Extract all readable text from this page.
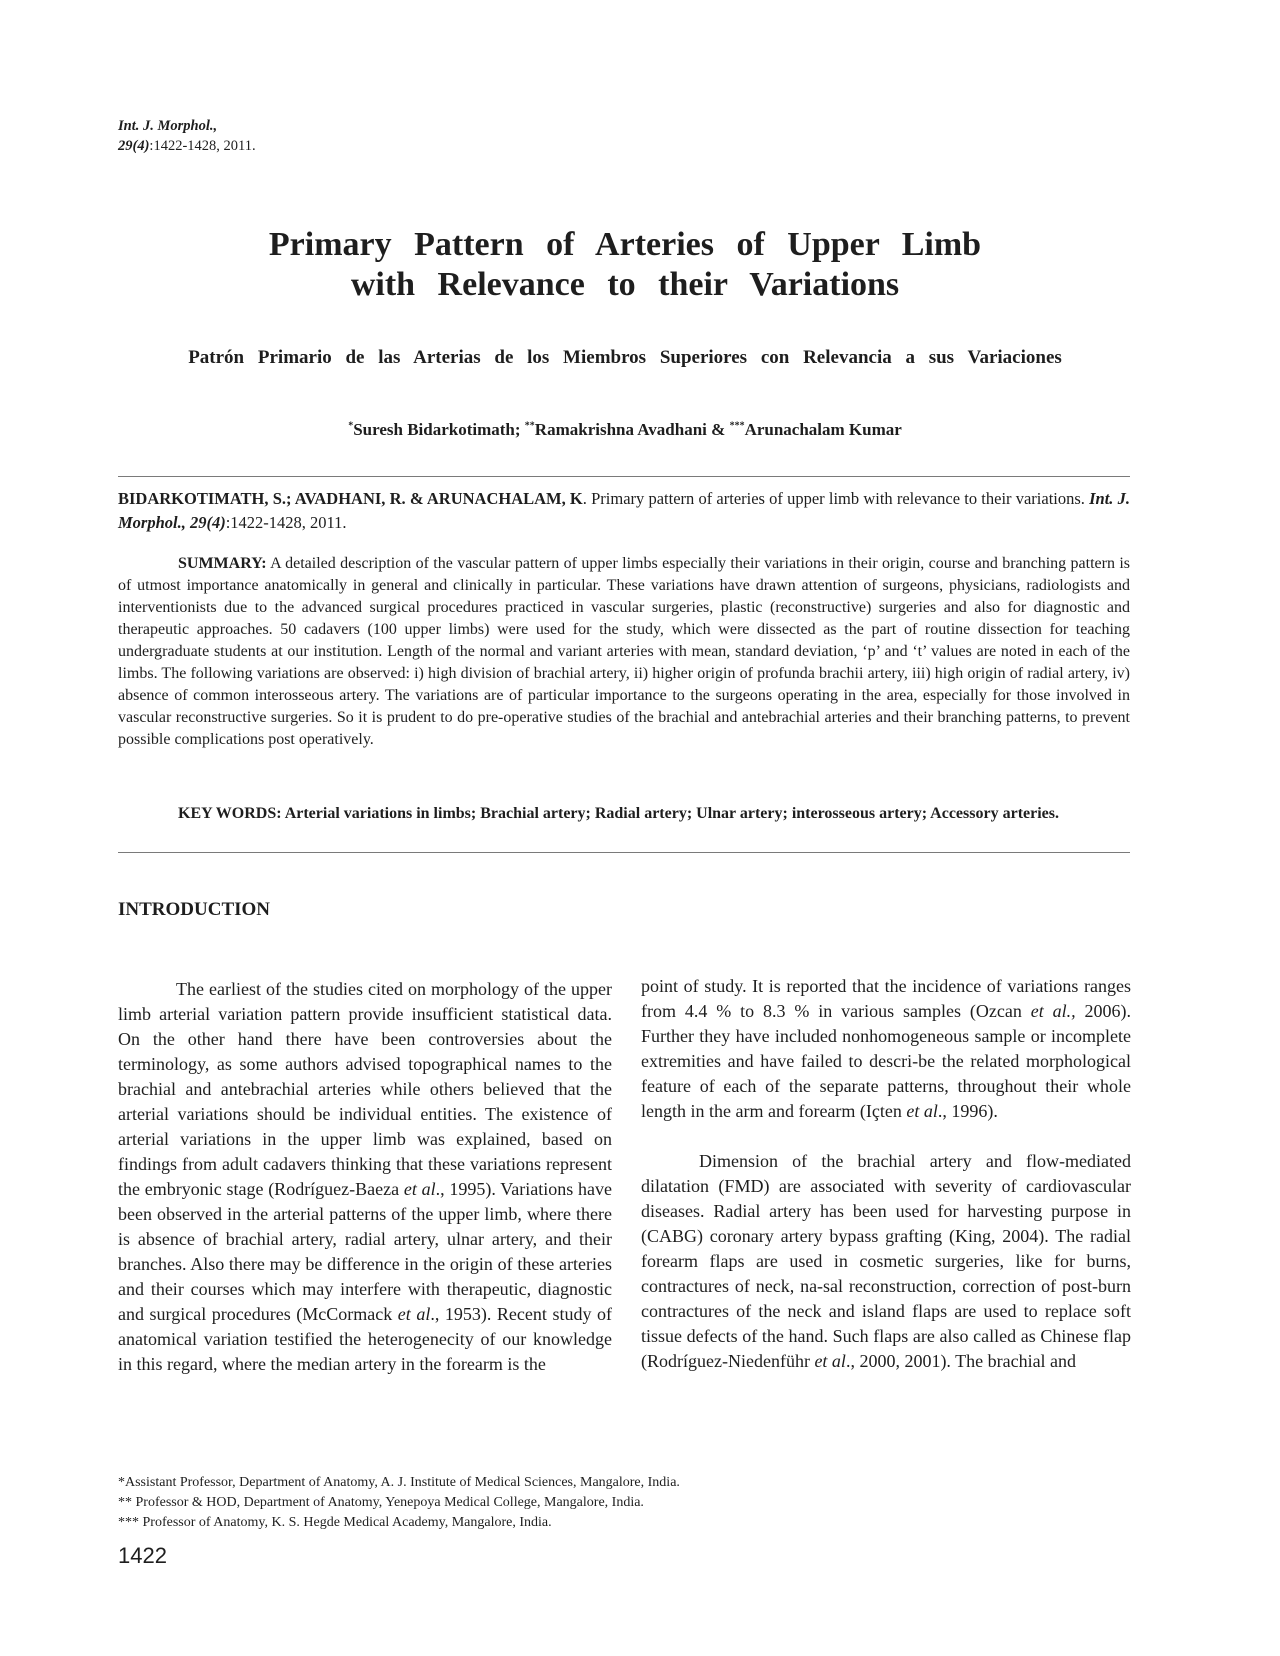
Int. J. Morphol.,
29(4):1422-1428, 2011.
Primary Pattern of Arteries of Upper Limb
with Relevance to their Variations
Patrón Primario de las Arterias de los Miembros Superiores con Relevancia a sus Variaciones
*Suresh Bidarkotimath; **Ramakrishna Avadhani & ***Arunachalam Kumar
BIDARKOTIMATH, S.; AVADHANI, R. & ARUNACHALAM, K. Primary pattern of arteries of upper limb with relevance to their variations. Int. J. Morphol., 29(4):1422-1428, 2011.
SUMMARY: A detailed description of the vascular pattern of upper limbs especially their variations in their origin, course and branching pattern is of utmost importance anatomically in general and clinically in particular. These variations have drawn attention of surgeons, physicians, radiologists and interventionists due to the advanced surgical procedures practiced in vascular surgeries, plastic (reconstructive) surgeries and also for diagnostic and therapeutic approaches. 50 cadavers (100 upper limbs) were used for the study, which were dissected as the part of routine dissection for teaching undergraduate students at our institution. Length of the normal and variant arteries with mean, standard deviation, ‘p’ and ‘t’ values are noted in each of the limbs. The following variations are observed: i) high division of brachial artery, ii) higher origin of profunda brachii artery, iii) high origin of radial artery, iv) absence of common interosseous artery. The variations are of particular importance to the surgeons operating in the area, especially for those involved in vascular reconstructive surgeries. So it is prudent to do pre-operative studies of the brachial and antebrachial arteries and their branching patterns, to prevent possible complications post operatively.
KEY WORDS: Arterial variations in limbs; Brachial artery; Radial artery; Ulnar artery; interosseous artery; Accessory arteries.
INTRODUCTION

The earliest of the studies cited on morphology of the upper limb arterial variation pattern provide insufficient statistical data. On the other hand there have been controversies about the terminology, as some authors advised topographical names to the brachial and antebrachial arteries while others believed that the arterial variations should be individual entities. The existence of arterial variations in the upper limb was explained, based on findings from adult cadavers thinking that these variations represent the embryonic stage (Rodríguez-Baeza et al., 1995). Variations have been observed in the arterial patterns of the upper limb, where there is absence of brachial artery, radial artery, ulnar artery, and their branches. Also there may be difference in the origin of these arteries and their courses which may interfere with therapeutic, diagnostic and surgical procedures (McCormack et al., 1953). Recent study of anatomical variation testified the heterogenecity of our knowledge in this regard, where the median artery in the forearm is the

point of study. It is reported that the incidence of variations ranges from 4.4 % to 8.3 % in various samples (Ozcan et al., 2006). Further they have included nonhomogeneous sample or incomplete extremities and have failed to descri-be the related morphological feature of each of the separate patterns, throughout their whole length in the arm and forearm (Içten et al., 1996).

Dimension of the brachial artery and flow-mediated dilatation (FMD) are associated with severity of cardiovascular diseases. Radial artery has been used for harvesting purpose in (CABG) coronary artery bypass grafting (King, 2004). The radial forearm flaps are used in cosmetic surgeries, like for burns, contractures of neck, na-sal reconstruction, correction of post-burn contractures of the neck and island flaps are used to replace soft tissue defects of the hand. Such flaps are also called as Chinese flap (Rodríguez-Niedenführ et al., 2000, 2001). The brachial and

*Assistant Professor, Department of Anatomy, A. J. Institute of Medical Sciences, Mangalore, India.
** Professor & HOD, Department of Anatomy, Yenepoya Medical College, Mangalore, India.
*** Professor of Anatomy, K. S. Hegde Medical Academy, Mangalore, India.
1422
